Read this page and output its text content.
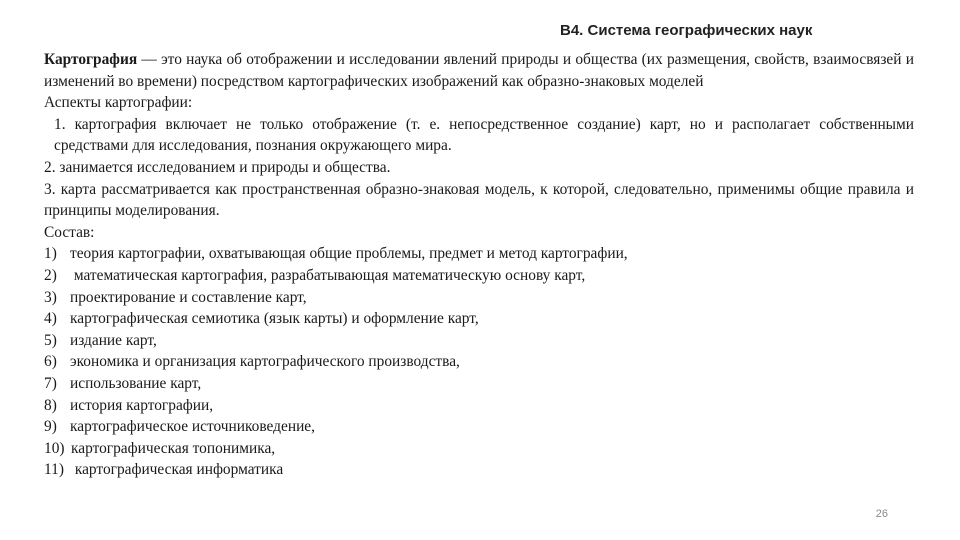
В4. Система географических наук
Картография — это наука об отображении и исследовании явлений природы и общества (их размещения, свойств, взаимосвязей и изменений во времени) посредством картографических изображений как образно-знаковых моделей
Аспекты картографии:
1. картография включает не только отображение (т. е. непосредственное создание) карт, но и располагает собственными средствами для исследования, познания окружающего мира.
2. занимается исследованием и природы и общества.
3. карта рассматривается как пространственная образно-знаковая модель, к которой, следовательно, применимы общие правила и принципы моделирования.
Состав:
1) теория картографии, охватывающая общие проблемы, предмет и метод картографии,
2) математическая картография, разрабатывающая математическую основу карт,
3) проектирование и составление карт,
4) картографическая семиотика (язык карты) и оформление карт,
5) издание карт,
6) экономика и организация картографического производства,
7) использование карт,
8) история картографии,
9) картографическое источниковедение,
10) картографическая топонимика,
11) картографическая информатика
26
